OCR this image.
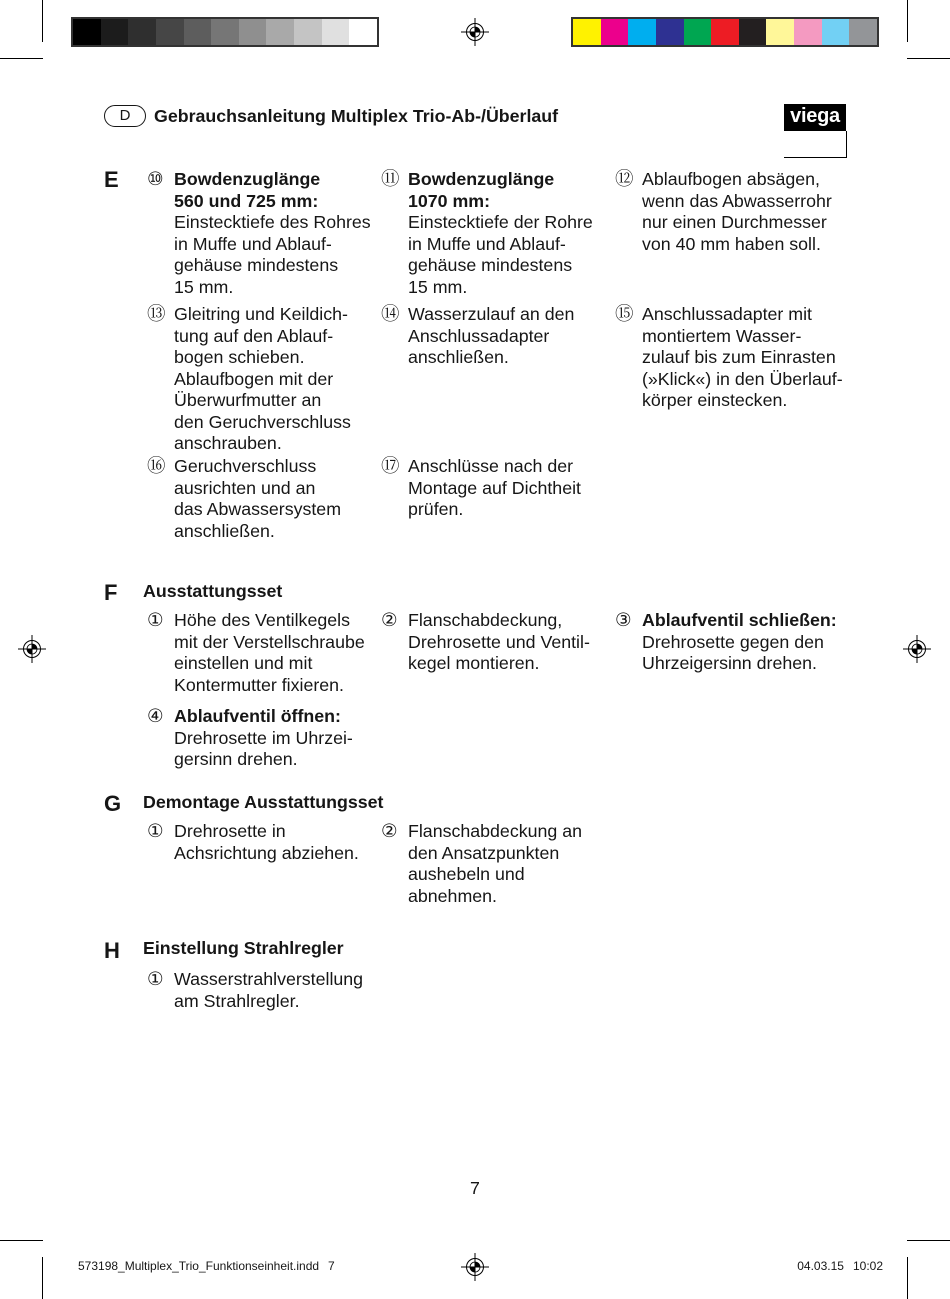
D	Gebrauchsanleitung Multiplex Trio-Ab-/Überlauf	viega
E ⑩ Bowdenzuglänge
560 und 725 mm:
Einstecktiefe des Rohres
in Muffe und Ablauf-
gehäuse mindestens
15 mm.
⑪ Bowdenzuglänge
1070 mm:
Einstecktiefe der Rohre
in Muffe und Ablauf-
gehäuse mindestens
15 mm.
⑫ Ablaufbogen absägen,
wenn das Abwasserrohr
nur einen Durchmesser
von 40 mm haben soll.
⑬ Gleitring und Keildich-
tung auf den Ablauf-
bogen schieben.
Ablaufbogen mit der
Überwurfmutter an
den Geruchverschluss
anschrauben.
⑭ Wasserzulauf an den
Anschlussadapter
anschließen.
⑮ Anschlussadapter mit
montiertem Wasser-
zulauf bis zum Einrasten
(»Klick«) in den Überlauf-
körper einstecken.
⑯ Geruchverschluss
ausrichten und an
das Abwassersystem
anschließen.
⑰ Anschlüsse nach der
Montage auf Dichtheit
prüfen.
F Ausstattungsset
① Höhe des Ventilkegels
mit der Verstellschraube
einstellen und mit
Kontermutter fixieren.
② Flanschabdeckung,
Drehrosette und Ventil-
kegel montieren.
③ Ablaufventil schließen:
Drehrosette gegen den
Uhrzeigersinn drehen.
④ Ablaufventil öffnen:
Drehrosette im Uhrzei-
gersinn drehen.
G Demontage Ausstattungsset
① Drehrosette in
Achsrichtung abziehen.
② Flanschabdeckung an
den Ansatzpunkten
aushebeln und
abnehmen.
H Einstellung Strahlregler
① Wasserstrahlverstellung
am Strahlregler.
7
573198_Multiplex_Trio_Funktionseinheit.indd 7	04.03.15 10:02
